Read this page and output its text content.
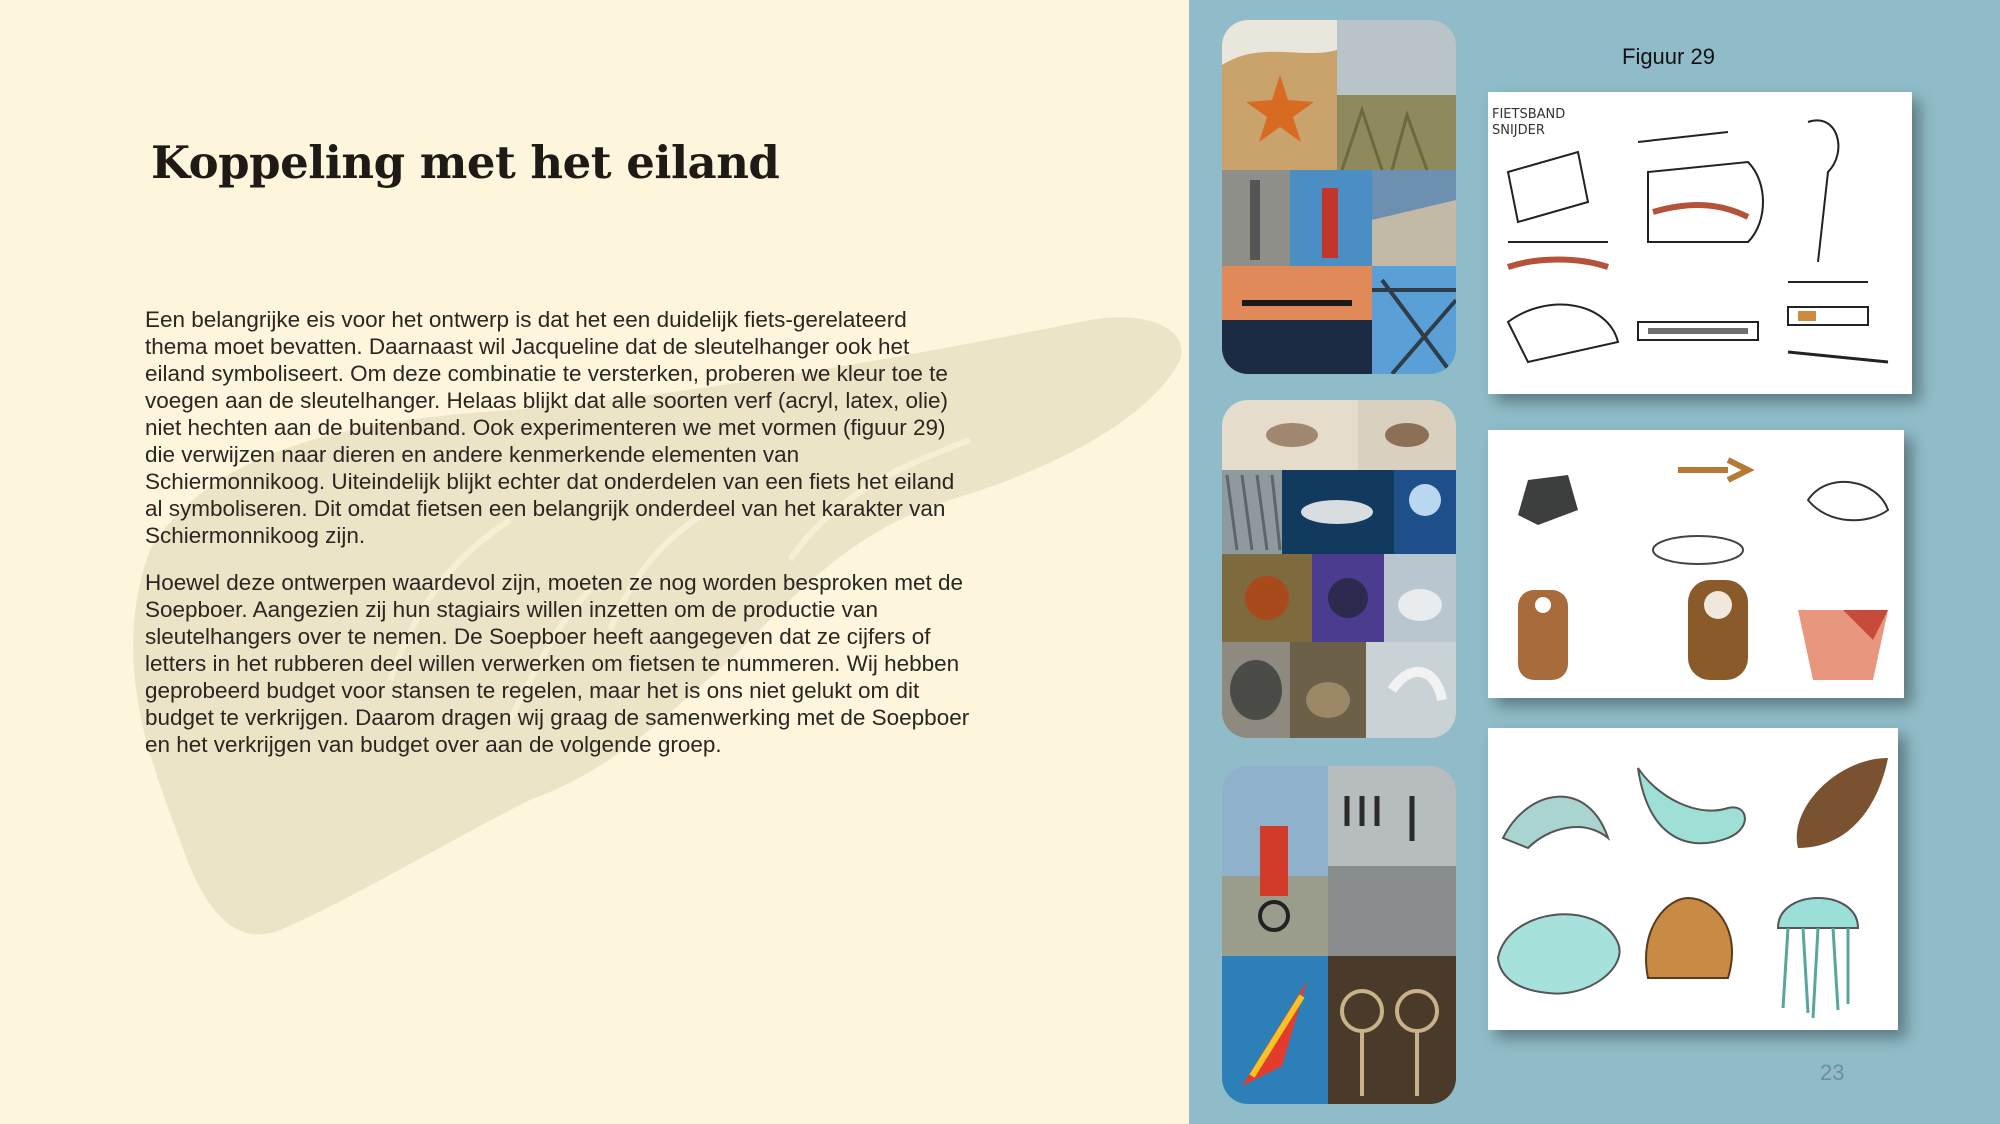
Koppeling met het eiland

Een belangrijke eis voor het ontwerp is dat het een duidelijk fiets-gerelateerd thema moet bevatten. Daarnaast wil Jacqueline dat de sleutelhanger ook het eiland symboliseert. Om deze combinatie te versterken, proberen we kleur toe te voegen aan de sleutelhanger. Helaas blijkt dat alle soorten verf (acryl, latex, olie) niet hechten aan de buitenband. Ook experimenteren we met vormen (figuur 29) die verwijzen naar dieren en andere kenmerkende elementen van Schiermonnikoog. Uiteindelijk blijkt echter dat onderdelen van een fiets het eiland al symboliseren. Dit omdat fietsen een belangrijk onderdeel van het karakter van Schiermonnikoog zijn.

Hoewel deze ontwerpen waardevol zijn, moeten ze nog worden besproken met de Soepboer. Aangezien zij hun stagiairs willen inzetten om de productie van sleutelhangers over te nemen. De Soepboer heeft aangegeven dat ze cijfers of letters in het rubberen deel willen verwerken om fietsen te nummeren. Wij hebben geprobeerd budget voor stansen te regelen, maar het is ons niet gelukt om dit budget te verkrijgen. Daarom dragen wij graag de samenwerking met de Soepboer en het verkrijgen van budget over aan de volgende groep.

Figuur 29
FIETSBAND
SNIJDER
23
